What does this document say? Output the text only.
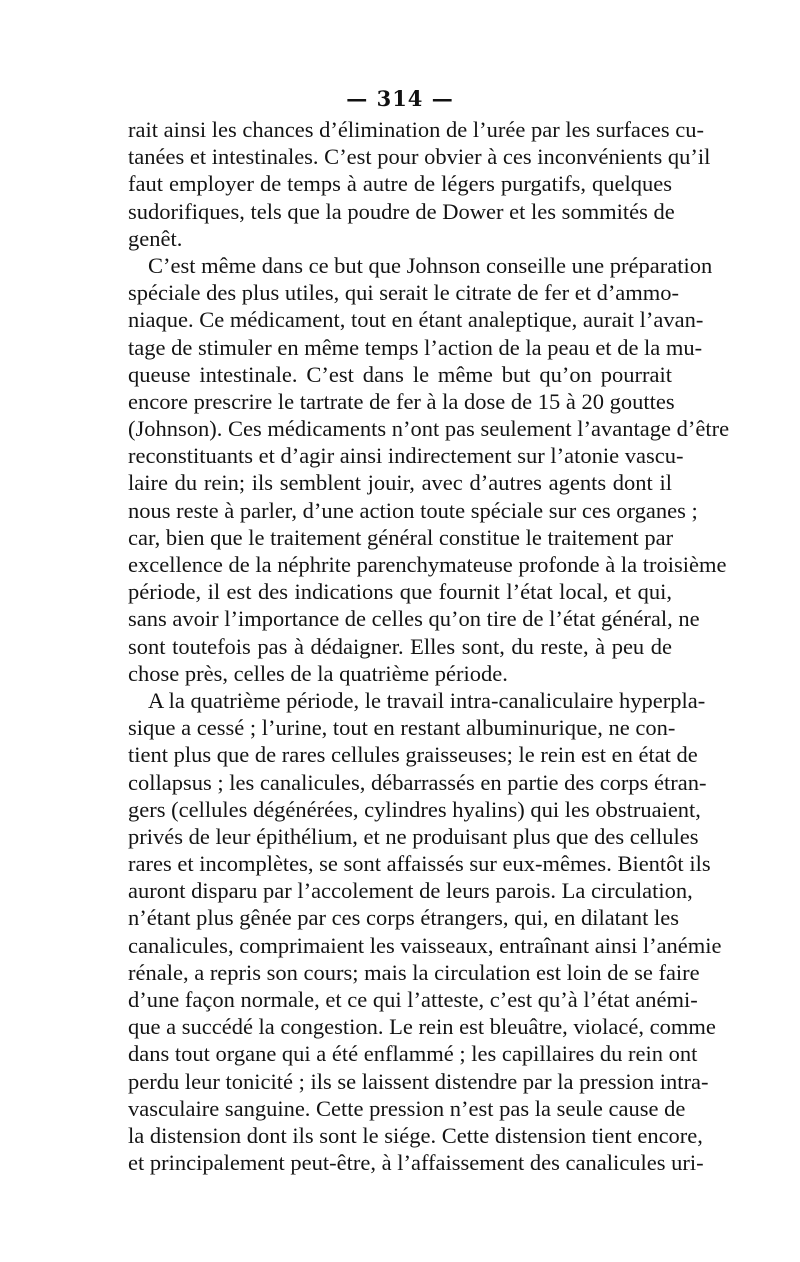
— 314 —
rait ainsi les chances d’élimination de l’urée par les surfaces cu-
tanées et intestinales. C’est pour obvier à ces inconvénients qu’il
faut employer de temps à autre de légers purgatifs, quelques
sudorifiques, tels que la poudre de Dower et les sommités de
genêt.
C’est même dans ce but que Johnson conseille une préparation
spéciale des plus utiles, qui serait le citrate de fer et d’ammo-
niaque. Ce médicament, tout en étant analeptique, aurait l’avan-
tage de stimuler en même temps l’action de la peau et de la mu-
queuse intestinale. C’est dans le même but qu’on pourrait
encore prescrire le tartrate de fer à la dose de 15 à 20 gouttes
(Johnson). Ces médicaments n’ont pas seulement l’avantage d’être
reconstituants et d’agir ainsi indirectement sur l’atonie vascu-
laire du rein; ils semblent jouir, avec d’autres agents dont il
nous reste à parler, d’une action toute spéciale sur ces organes ;
car, bien que le traitement général constitue le traitement par
excellence de la néphrite parenchymateuse profonde à la troisième
période, il est des indications que fournit l’état local, et qui,
sans avoir l’importance de celles qu’on tire de l’état général, ne
sont toutefois pas à dédaigner. Elles sont, du reste, à peu de
chose près, celles de la quatrième période.
A la quatrième période, le travail intra-canaliculaire hyperpla-
sique a cessé ; l’urine, tout en restant albuminurique, ne con-
tient plus que de rares cellules graisseuses; le rein est en état de
collapsus ; les canalicules, débarrassés en partie des corps étran-
gers (cellules dégénérées, cylindres hyalins) qui les obstruaient,
privés de leur épithélium, et ne produisant plus que des cellules
rares et incomplètes, se sont affaissés sur eux-mêmes. Bientôt ils
auront disparu par l’accolement de leurs parois. La circulation,
n’étant plus gênée par ces corps étrangers, qui, en dilatant les
canalicules, comprimaient les vaisseaux, entraînant ainsi l’anémie
rénale, a repris son cours; mais la circulation est loin de se faire
d’une façon normale, et ce qui l’atteste, c’est qu’à l’état anémi-
que a succédé la congestion. Le rein est bleuâtre, violacé, comme
dans tout organe qui a été enflammé ; les capillaires du rein ont
perdu leur tonicité ; ils se laissent distendre par la pression intra-
vasculaire sanguine. Cette pression n’est pas la seule cause de
la distension dont ils sont le siége. Cette distension tient encore,
et principalement peut-être, à l’affaissement des canalicules uri-
